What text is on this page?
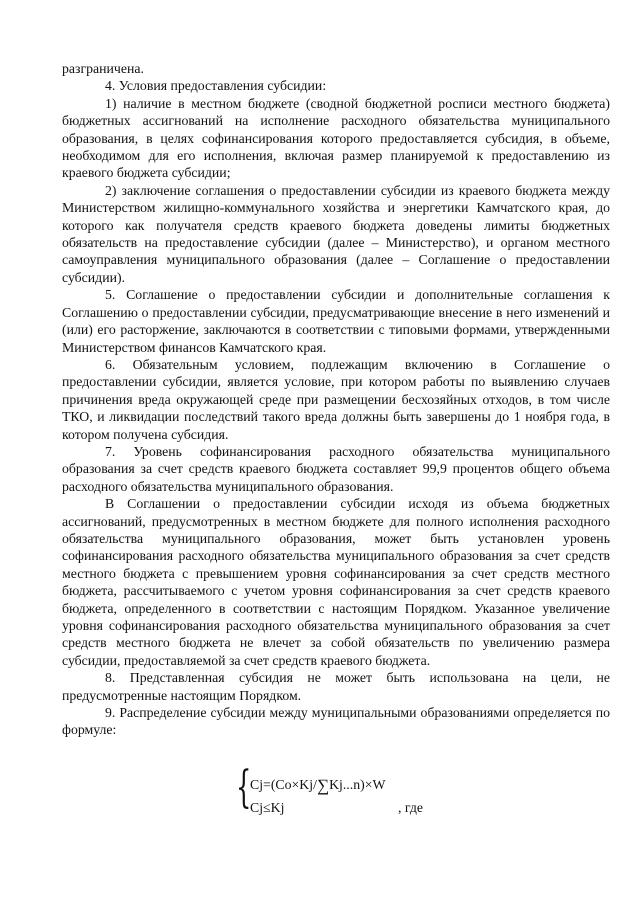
разграничена.

4. Условия предоставления субсидии:

1) наличие в местном бюджете (сводной бюджетной росписи местного бюджета) бюджетных ассигнований на исполнение расходного обязательства муниципального образования, в целях софинансирования которого предоставляется субсидия, в объеме, необходимом для его исполнения, включая размер планируемой к предоставлению из краевого бюджета субсидии;

2) заключение соглашения о предоставлении субсидии из краевого бюджета между Министерством жилищно-коммунального хозяйства и энергетики Камчатского края, до которого как получателя средств краевого бюджета доведены лимиты бюджетных обязательств на предоставление субсидии (далее – Министерство), и органом местного самоуправления муниципального образования (далее – Соглашение о предоставлении субсидии).

5. Соглашение о предоставлении субсидии и дополнительные соглашения к Соглашению о предоставлении субсидии, предусматривающие внесение в него изменений и (или) его расторжение, заключаются в соответствии с типовыми формами, утвержденными Министерством финансов Камчатского края.

6. Обязательным условием, подлежащим включению в Соглашение о предоставлении субсидии, является условие, при котором работы по выявлению случаев причинения вреда окружающей среде при размещении бесхозяйных отходов, в том числе ТКО, и ликвидации последствий такого вреда должны быть завершены до 1 ноября года, в котором получена субсидия.

7. Уровень софинансирования расходного обязательства муниципального образования за счет средств краевого бюджета составляет 99,9 процентов общего объема расходного обязательства муниципального образования.

В Соглашении о предоставлении субсидии исходя из объема бюджетных ассигнований, предусмотренных в местном бюджете для полного исполнения расходного обязательства муниципального образования, может быть установлен уровень софинансирования расходного обязательства муниципального образования за счет средств местного бюджета с превышением уровня софинансирования за счет средств местного бюджета, рассчитываемого с учетом уровня софинансирования за счет средств краевого бюджета, определенного в соответствии с настоящим Порядком. Указанное увеличение уровня софинансирования расходного обязательства муниципального образования за счет средств местного бюджета не влечет за собой обязательств по увеличению размера субсидии, предоставляемой за счет средств краевого бюджета.

8. Представленная субсидия не может быть использована на цели, не предусмотренные настоящим Порядком.

9. Распределение субсидии между муниципальными образованиями определяется по формуле:

{
Cj=(Co×Kj/∑Kj...n)×W
Cj≤Kj	, где
